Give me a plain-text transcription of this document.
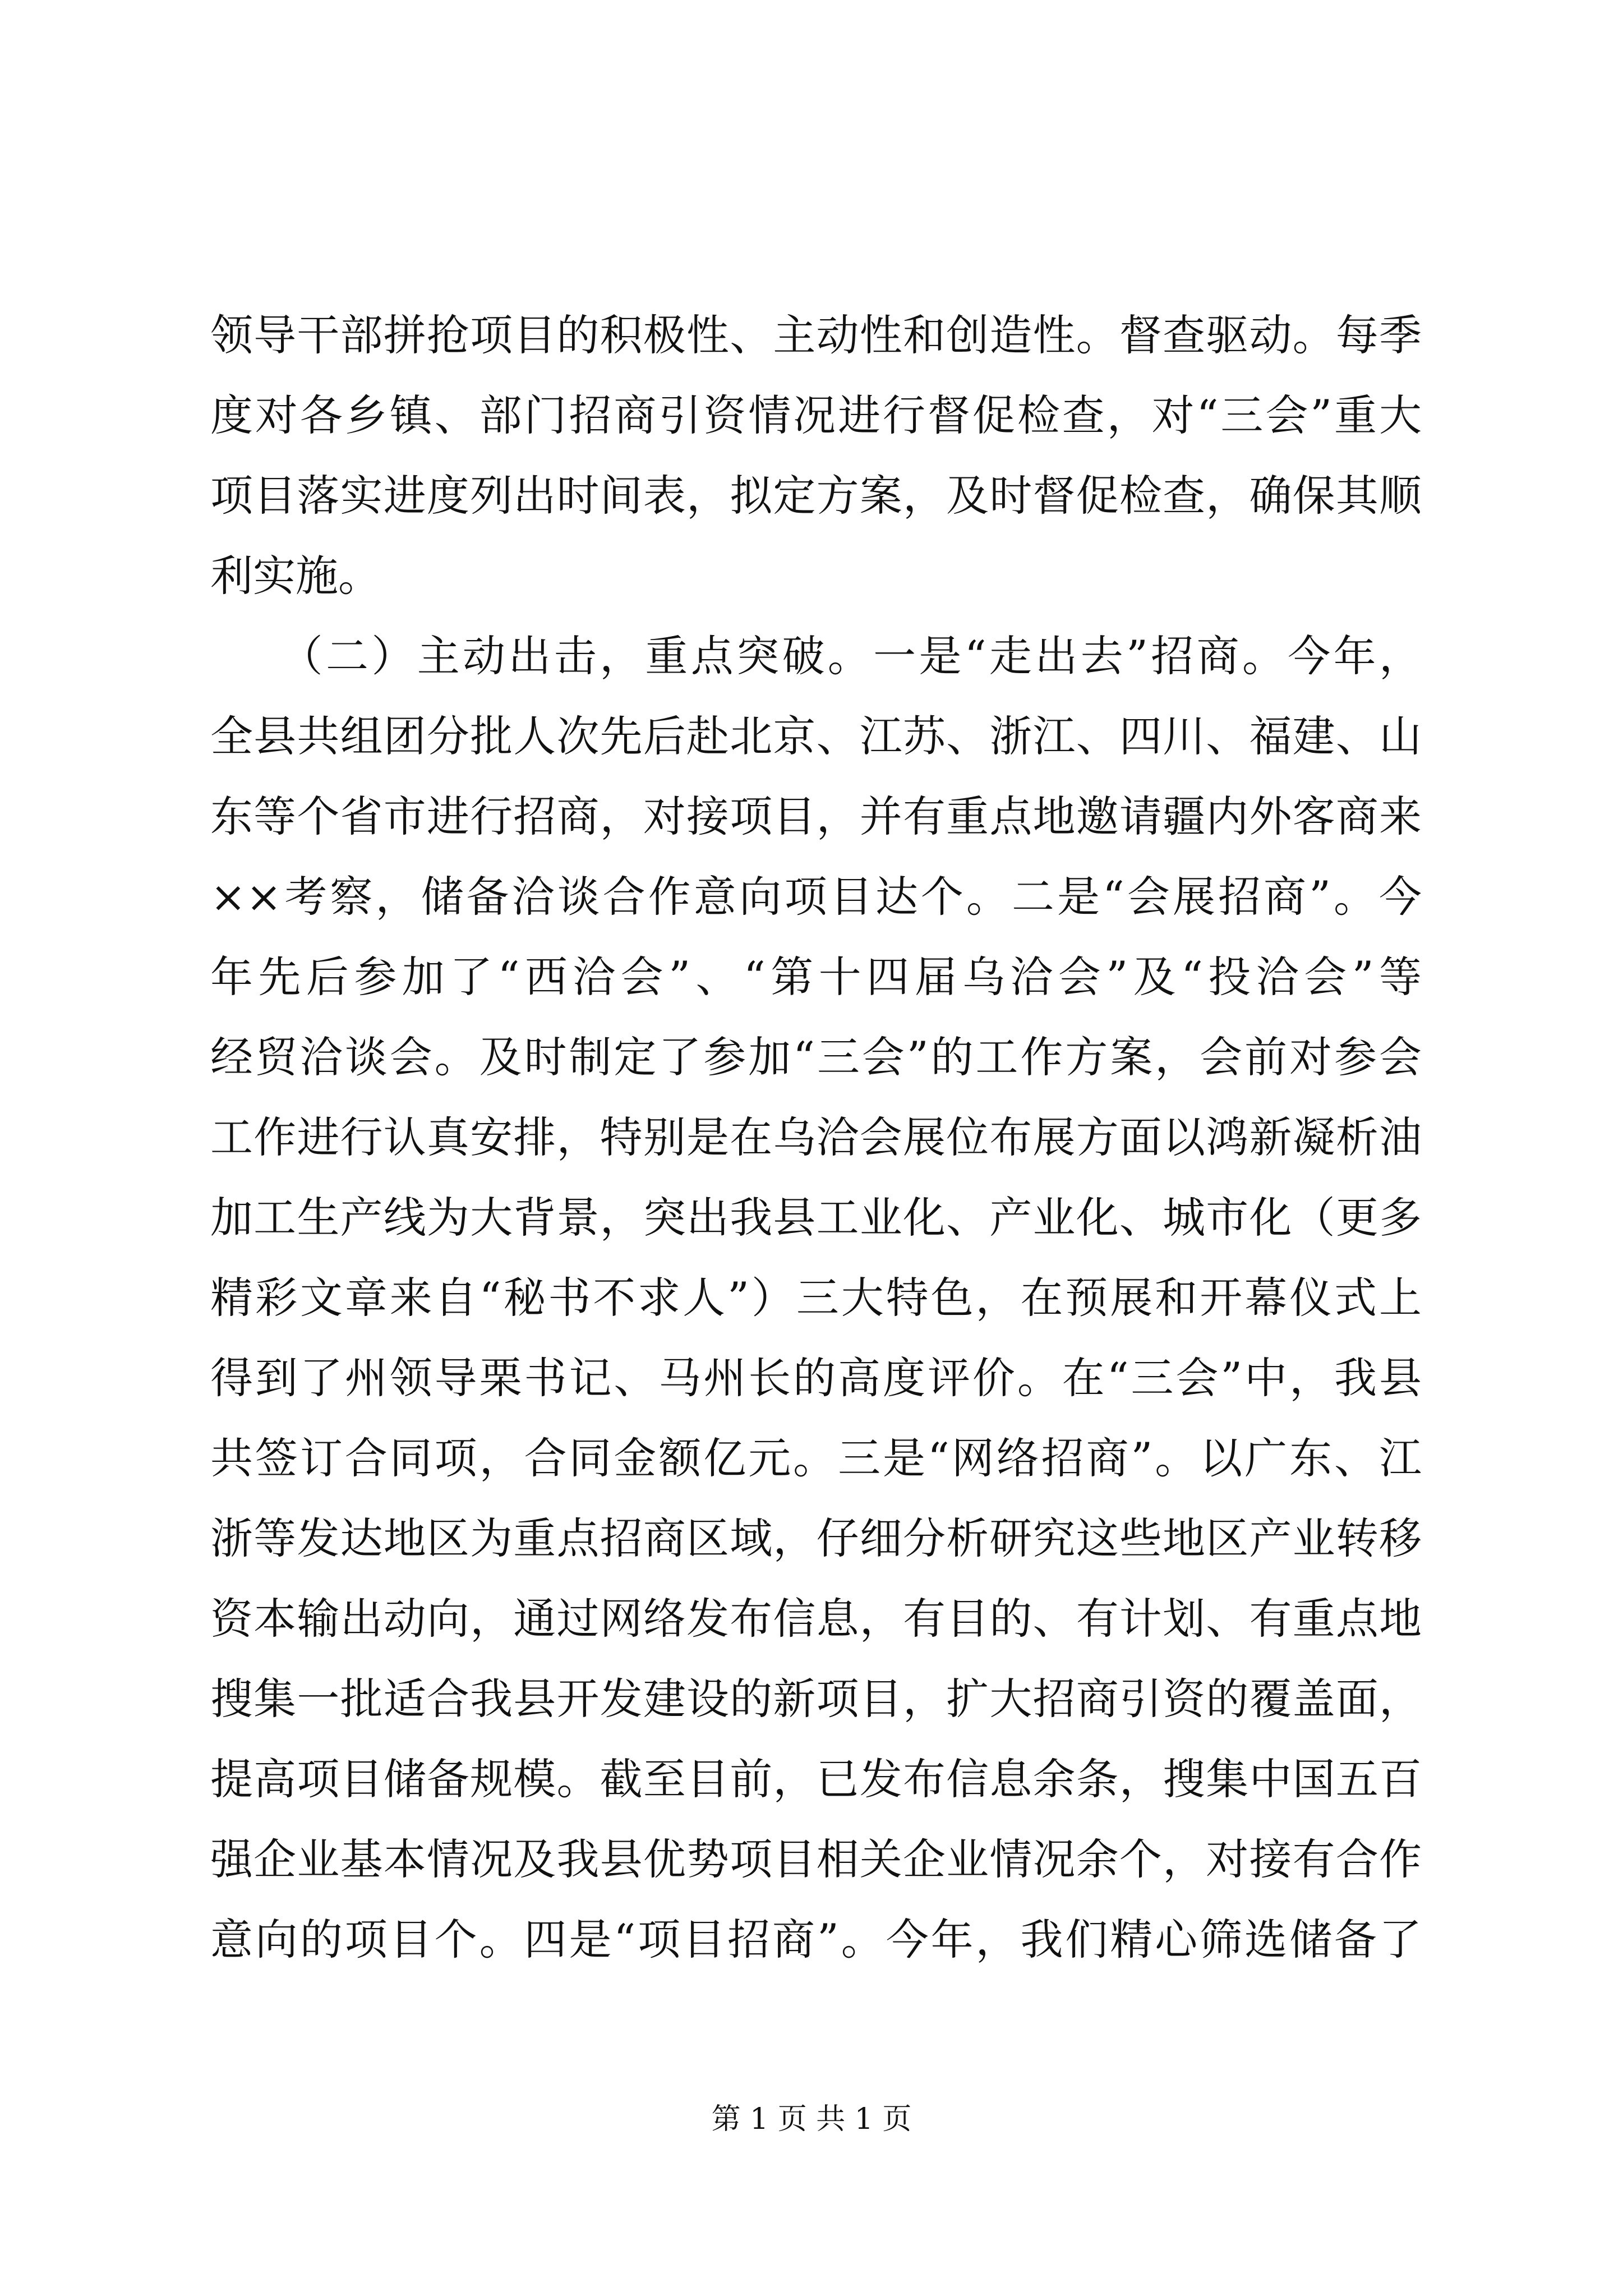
领导干部拼抢项目的积极性、主动性和创造性。督查驱动。每季
度对各乡镇、部门招商引资情况进行督促检查，对“三会”重大
项目落实进度列出时间表，拟定方案，及时督促检查，确保其顺
利实施。
　　（二）主动出击，重点突破。一是“走出去”招商。今年，
全县共组团分批人次先后赴北京、江苏、浙江、四川、福建、山
东等个省市进行招商，对接项目，并有重点地邀请疆内外客商来
××考察，储备洽谈合作意向项目达个。二是“会展招商”。今
年先后参加了“西洽会”、“第十四届乌洽会”及“投洽会”等
经贸洽谈会。及时制定了参加“三会”的工作方案，会前对参会
工作进行认真安排，特别是在乌洽会展位布展方面以鸿新凝析油
加工生产线为大背景，突出我县工业化、产业化、城市化（更多
精彩文章来自“秘书不求人”）三大特色，在预展和开幕仪式上
得到了州领导栗书记、马州长的高度评价。在“三会”中，我县
共签订合同项，合同金额亿元。三是“网络招商”。以广东、江
浙等发达地区为重点招商区域，仔细分析研究这些地区产业转移
资本输出动向，通过网络发布信息，有目的、有计划、有重点地
搜集一批适合我县开发建设的新项目，扩大招商引资的覆盖面，
提高项目储备规模。截至目前，已发布信息余条，搜集中国五百
强企业基本情况及我县优势项目相关企业情况余个，对接有合作
意向的项目个。四是“项目招商”。今年，我们精心筛选储备了
第 1 页 共 1 页
